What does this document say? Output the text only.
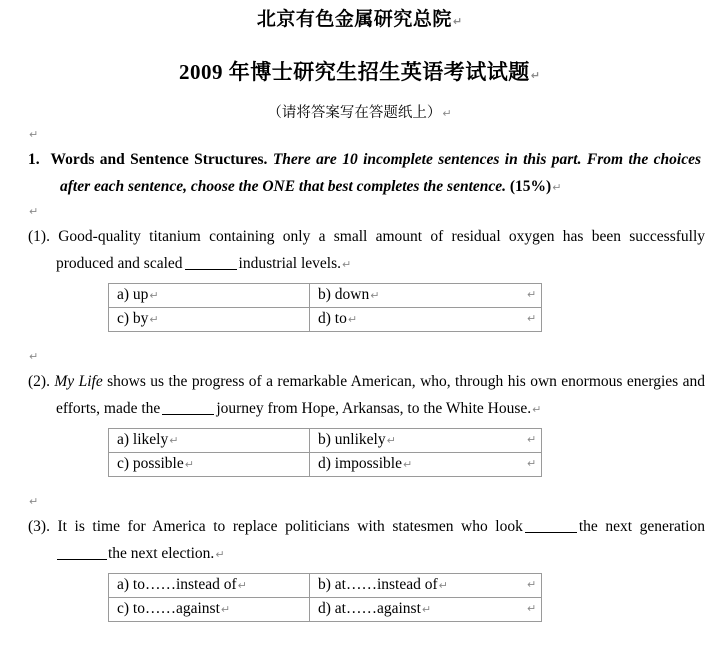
北京有色金属研究总院↵
2009 年博士研究生招生英语考试试题↵
（请将答案写在答题纸上）↵
↵
1. Words and Sentence Structures. There are 10 incomplete sentences in this part. From the choices after each sentence, choose the ONE that best completes the sentence. (15%)↵
↵
(1). Good-quality titanium containing only a small amount of residual oxygen has been successfully produced and scaled	industrial levels.↵
a) up↵	b) down↵
c) by↵	d) to↵
↵
↵
↵
(2). My Life shows us the progress of a remarkable American, who, through his own enormous energies and efforts, made the	journey from Hope, Arkansas, to the White House.↵
a) likely↵	b) unlikely↵
c) possible↵	d) impossible↵
↵
↵
↵
(3). It is time for America to replace politicians with statesmen who look	the next generationthe next election.↵
a) to……instead of↵	b) at……instead of↵
c) to……against↵	d) at……against↵
↵
↵
